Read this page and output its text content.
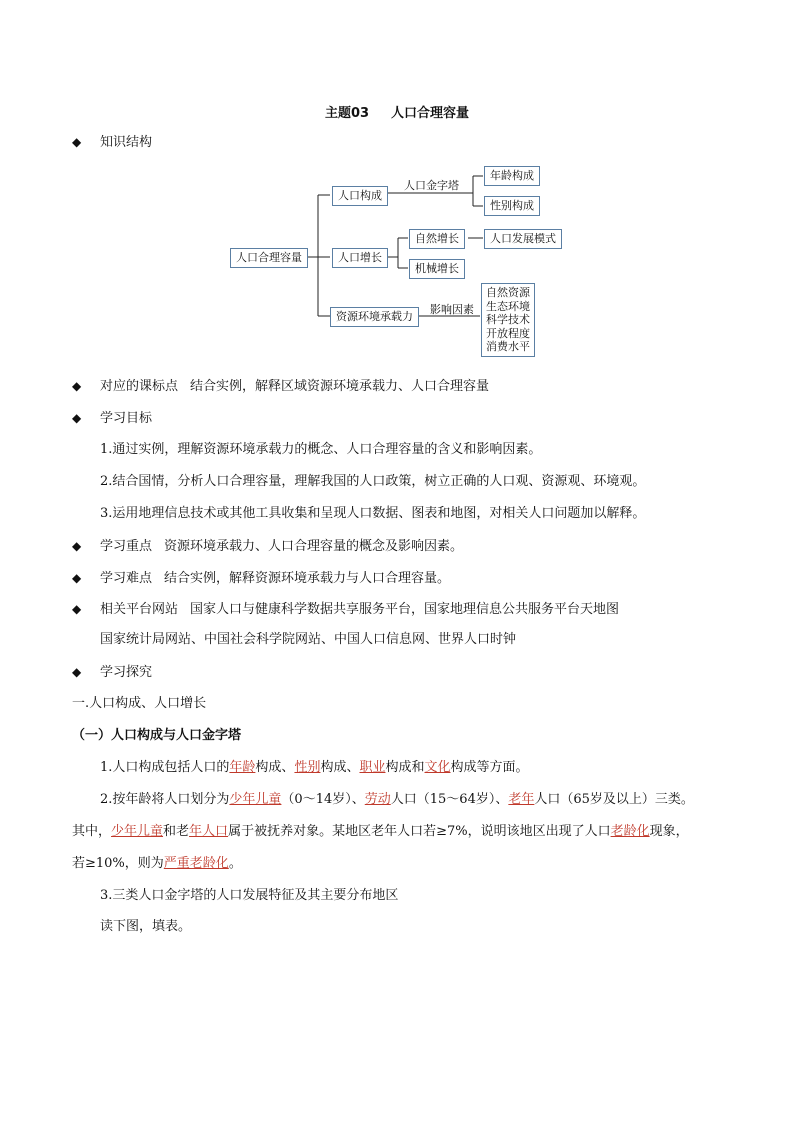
主题03 人口合理容量
◆ 知识结构
人口合理容量
人口构成
人口金字塔
年龄构成
性别构成
人口增长
自然增长	人口发展模式
机械增长
资源环境承载力
影响因素
自然资源
生态环境
科学技术
开放程度
消费水平
◆ 对应的课标点 结合实例，解释区域资源环境承载力、人口合理容量
◆ 学习目标
1.通过实例，理解资源环境承载力的概念、人口合理容量的含义和影响因素。
2.结合国情，分析人口合理容量，理解我国的人口政策，树立正确的人口观、资源观、环境观。
3.运用地理信息技术或其他工具收集和呈现人口数据、图表和地图，对相关人口问题加以解释。
◆ 学习重点 资源环境承载力、人口合理容量的概念及影响因素。
◆ 学习难点 结合实例，解释资源环境承载力与人口合理容量。
◆ 相关平台网站 国家人口与健康科学数据共享服务平台，国家地理信息公共服务平台天地图
国家统计局网站、中国社会科学院网站、中国人口信息网、世界人口时钟
◆ 学习探究
一.人口构成、人口增长
（一）人口构成与人口金字塔
1.人口构成包括人口的年龄构成、性别构成、职业构成和文化构成等方面。
2.按年龄将人口划分为少年儿童（0～14岁）、劳动人口（15～64岁）、老年人口（65岁及以上）三类。
其中，少年儿童和老年人口属于被抚养对象。某地区老年人口若≥7%，说明该地区出现了人口老龄化现象，
若≥10%，则为严重老龄化。
3.三类人口金字塔的人口发展特征及其主要分布地区
读下图，填表。
